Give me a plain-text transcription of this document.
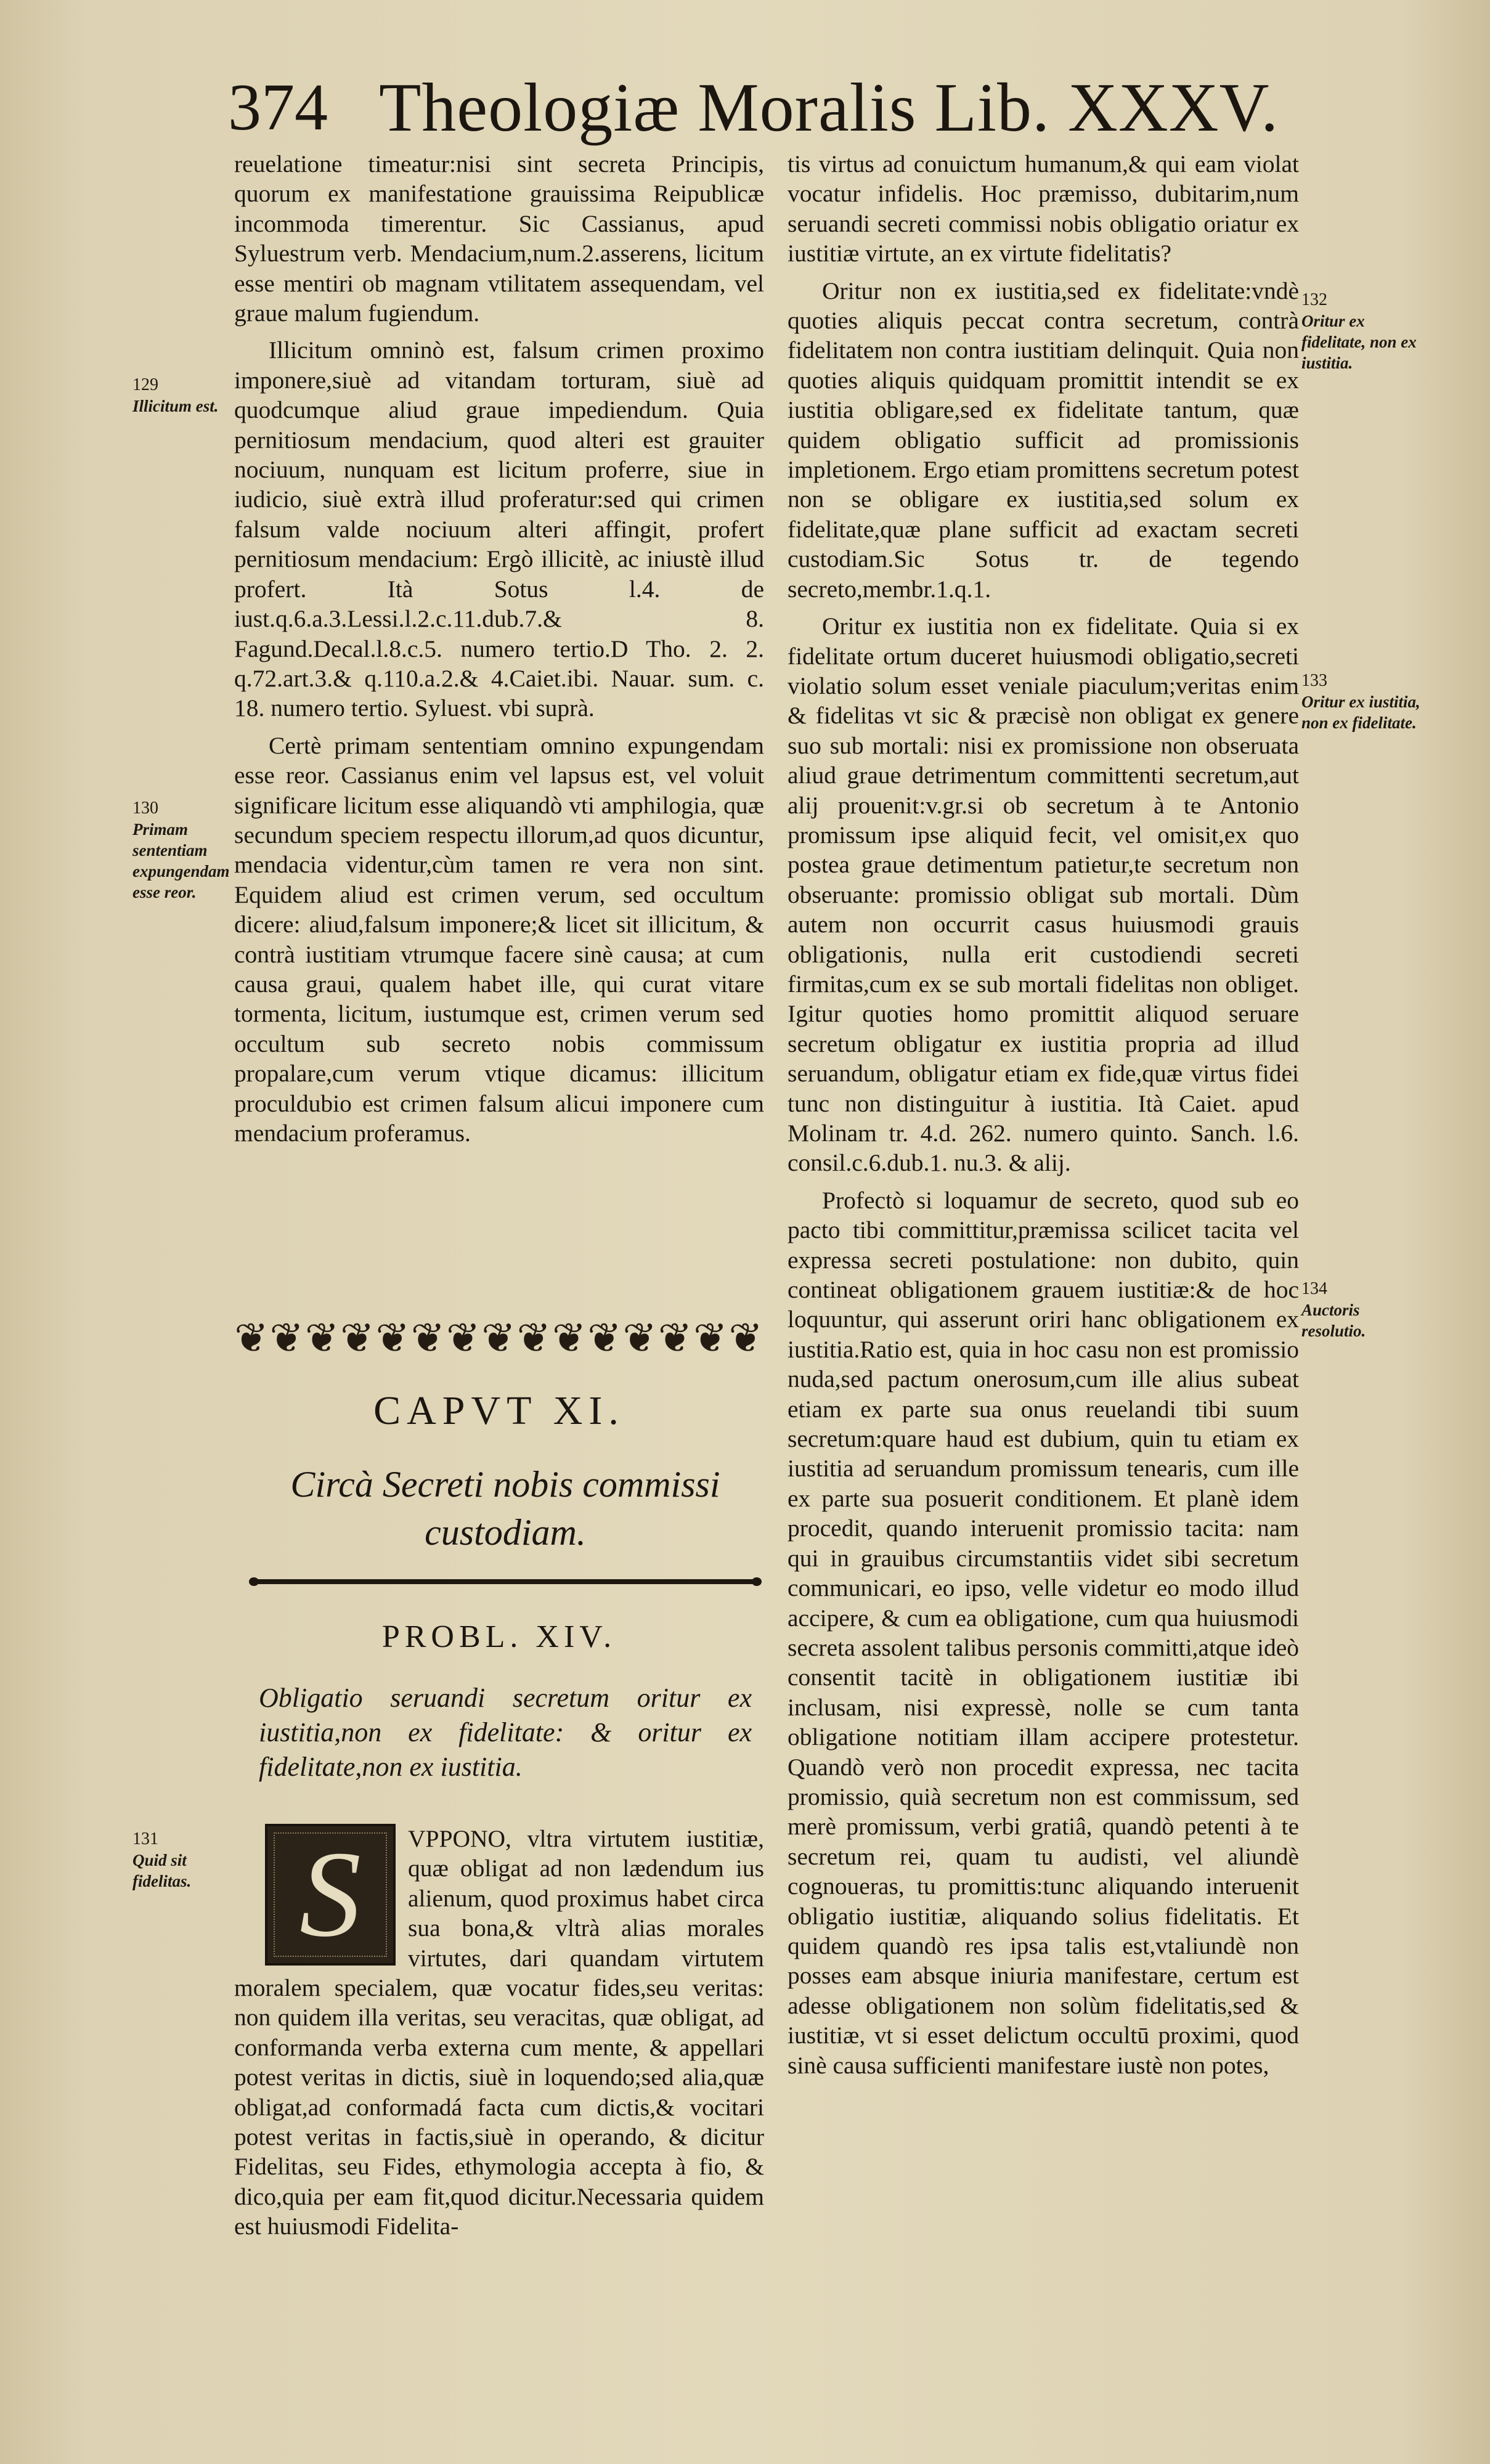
374 Theologiæ Moralis Lib. XXXV.

reuelatione timeatur:nisi sint secreta Principis, quorum ex manifestatione grauissima Reipublicæ incommoda timerentur. Sic Cassianus, apud Syluestrum verb. Mendacium,num.2.asserens, licitum esse mentiri ob magnam vtilitatem assequendam, vel graue malum fugiendum.

Illicitum omninò est, falsum crimen proximo imponere,siuè ad vitandam torturam, siuè ad quodcumque aliud graue impediendum. Quia pernitiosum mendacium, quod alteri est grauiter nociuum, nunquam est licitum proferre, siue in iudicio, siuè extrà illud proferatur:sed qui crimen falsum valde nociuum alteri affingit, profert pernitiosum mendacium: Ergò illicitè, ac iniustè illud profert. Ità Sotus l.4. de iust.q.6.a.3.Lessi.l.2.c.11.dub.7.& 8. Fagund.Decal.l.8.c.5. numero tertio.D Tho. 2. 2. q.72.art.3.& q.110.a.2.& 4.Caiet.ibi. Nauar. sum. c. 18. numero tertio. Syluest. vbi suprà.

Certè primam sententiam omnino expungendam esse reor. Cassianus enim vel lapsus est, vel voluit significare licitum esse aliquandò vti amphilogia, quæ secundum speciem respectu illorum,ad quos dicuntur, mendacia videntur,cùm tamen re vera non sint. Equidem aliud est crimen verum, sed occultum dicere: aliud,falsum imponere;& licet sit illicitum, & contrà iustitiam vtrumque facere sinè causa; at cum causa graui, qualem habet ille, qui curat vitare tormenta, licitum, iustumque est, crimen verum sed occultum sub secreto nobis commissum propalare,cum verum vtique dicamus: illicitum proculdubio est crimen falsum alicui imponere cum mendacium proferamus.

129
Illicitum est.
130
Primam sententiam expungendam esse reor.
131
Quid sit fidelitas.
❦❦❦❦❦❦❦❦❦❦❦❦❦❦❦
CAPVT XI.
Circà Secreti nobis commissi custodiam.
PROBL. XIV.
Obligatio seruandi secretum oritur ex iustitia,non ex fidelitate: & oritur ex fidelitate,non ex iustitia.

VPPONO, vltra virtutem iustitiæ, quæ obligat ad non lædendum ius alienum, quod proximus habet circa sua bona,& vltrà alias morales virtutes, dari quandam virtutem moralem specialem, quæ vocatur fides,seu veritas: non quidem illa veritas, seu veracitas, quæ obligat, ad conformanda verba externa cum mente, & appellari potest veritas in dictis, siuè in loquendo;sed alia,quæ obligat,ad conformadá facta cum dictis,& vocitari potest veritas in factis,siuè in operando, & dicitur Fidelitas, seu Fides, ethymologia accepta à fio, & dico,quia per eam fit,quod dicitur.Necessaria quidem est huiusmodi Fidelita-

S

tis virtus ad conuictum humanum,& qui eam violat vocatur infidelis. Hoc præmisso, dubitarim,num seruandi secreti commissi nobis obligatio oriatur ex iustitiæ virtute, an ex virtute fidelitatis?

Oritur non ex iustitia,sed ex fidelitate:vndè quoties aliquis peccat contra secretum, contrà fidelitatem non contra iustitiam delinquit. Quia non quoties aliquis quidquam promittit intendit se ex iustitia obligare,sed ex fidelitate tantum, quæ quidem obligatio sufficit ad promissionis impletionem. Ergo etiam promittens secretum potest non se obligare ex iustitia,sed solum ex fidelitate,quæ plane sufficit ad exactam secreti custodiam.Sic Sotus tr. de tegendo secreto,membr.1.q.1.

Oritur ex iustitia non ex fidelitate. Quia si ex fidelitate ortum duceret huiusmodi obligatio,secreti violatio solum esset veniale piaculum;veritas enim & fidelitas vt sic & præcisè non obligat ex genere suo sub mortali: nisi ex promissione non obseruata aliud graue detrimentum committenti secretum,aut alij prouenit:v.gr.si ob secretum à te Antonio promissum ipse aliquid fecit, vel omisit,ex quo postea graue detimentum patietur,te secretum non obseruante: promissio obligat sub mortali. Dùm autem non occurrit casus huiusmodi grauis obligationis, nulla erit custodiendi secreti firmitas,cum ex se sub mortali fidelitas non obliget. Igitur quoties homo promittit aliquod seruare secretum obligatur ex iustitia propria ad illud seruandum, obligatur etiam ex fide,quæ virtus fidei tunc non distinguitur à iustitia. Ità Caiet. apud Molinam tr. 4.d. 262. numero quinto. Sanch. l.6. consil.c.6.dub.1. nu.3. & alij.

Profectò si loquamur de secreto, quod sub eo pacto tibi committitur,præmissa scilicet tacita vel expressa secreti postulatione: non dubito, quin contineat obligationem grauem iustitiæ:& de hoc loquuntur, qui asserunt oriri hanc obligationem ex iustitia.Ratio est, quia in hoc casu non est promissio nuda,sed pactum onerosum,cum ille alius subeat etiam ex parte sua onus reuelandi tibi suum secretum:quare haud est dubium, quin tu etiam ex iustitia ad seruandum promissum tenearis, cum ille ex parte sua posuerit conditionem. Et planè idem procedit, quando interuenit promissio tacita: nam qui in grauibus circumstantiis videt sibi secretum communicari, eo ipso, velle videtur eo modo illud accipere, & cum ea obligatione, cum qua huiusmodi secreta assolent talibus personis committi,atque ideò consentit tacitè in obligationem iustitiæ ibi inclusam, nisi expressè, nolle se cum tanta obligatione notitiam illam accipere protestetur. Quandò verò non procedit expressa, nec tacita promissio, quià secretum non est commissum, sed merè promissum, verbi gratiâ, quandò petenti à te secretum rei, quam tu audisti, vel aliundè cognoueras, tu promittis:tunc aliquando interuenit obligatio iustitiæ, aliquando solius fidelitatis. Et quidem quandò res ipsa talis est,vtaliundè non posses eam absque iniuria manifestare, certum est adesse obligationem non solùm fidelitatis,sed & iustitiæ, vt si esset delictum occultū proximi, quod sinè causa sufficienti manifestare iustè non potes,

132
Oritur ex fidelitate, non ex iustitia.
133
Oritur ex iustitia, non ex fidelitate.
134
Auctoris resolutio.
